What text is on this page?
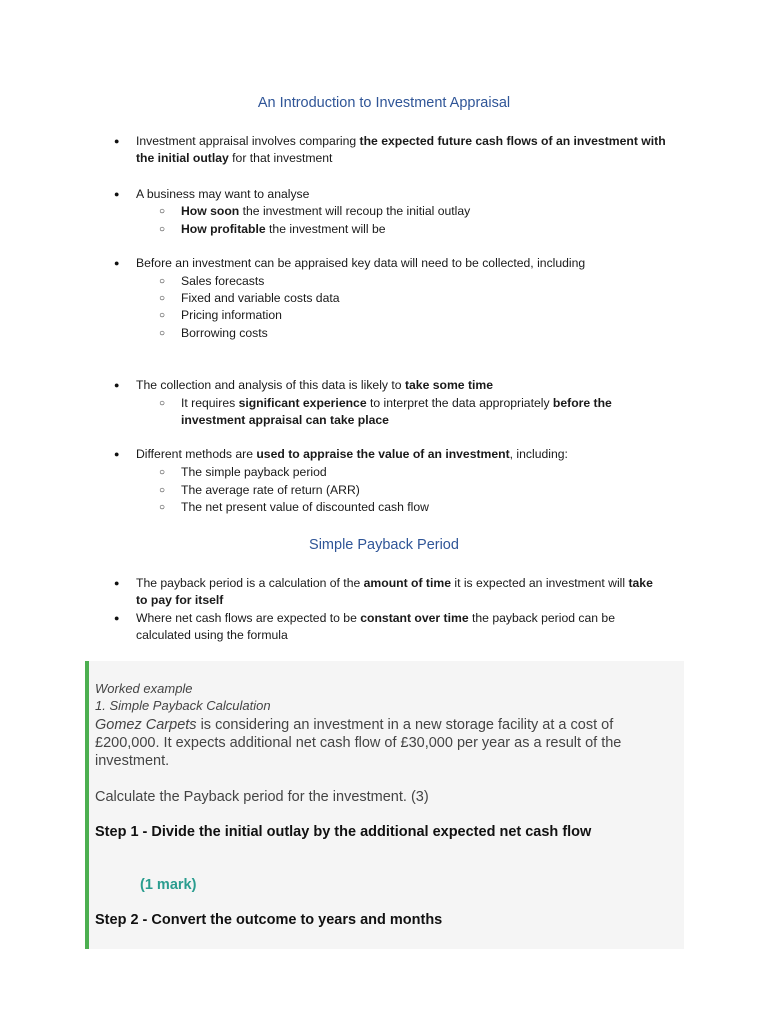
An Introduction to Investment Appraisal
● Investment appraisal involves comparing the expected future cash flows of an investment with
the initial outlay for that investment
● A business may want to analyse
○ How soon the investment will recoup the initial outlay
○ How profitable the investment will be
● Before an investment can be appraised key data will need to be collected, including
○ Sales forecasts
○ Fixed and variable costs data
○ Pricing information
○ Borrowing costs
● The collection and analysis of this data is likely to take some time
○ It requires significant experience to interpret the data appropriately before the
investment appraisal can take place
● Different methods are used to appraise the value of an investment, including:
○ The simple payback period
○ The average rate of return (ARR)
○ The net present value of discounted cash flow
Simple Payback Period
● The payback period is a calculation of the amount of time it is expected an investment will take
to pay for itself
● Where net cash flows are expected to be constant over time the payback period can be
calculated using the formula
Worked example
1. Simple Payback Calculation
Gomez Carpets is considering an investment in a new storage facility at a cost of £200,000. It expects additional net cash flow of £30,000 per year as a result of the investment.
Calculate the Payback period for the investment. (3)
Step 1 - Divide the initial outlay by the additional expected net cash flow
(1 mark)
Step 2 - Convert the outcome to years and months
